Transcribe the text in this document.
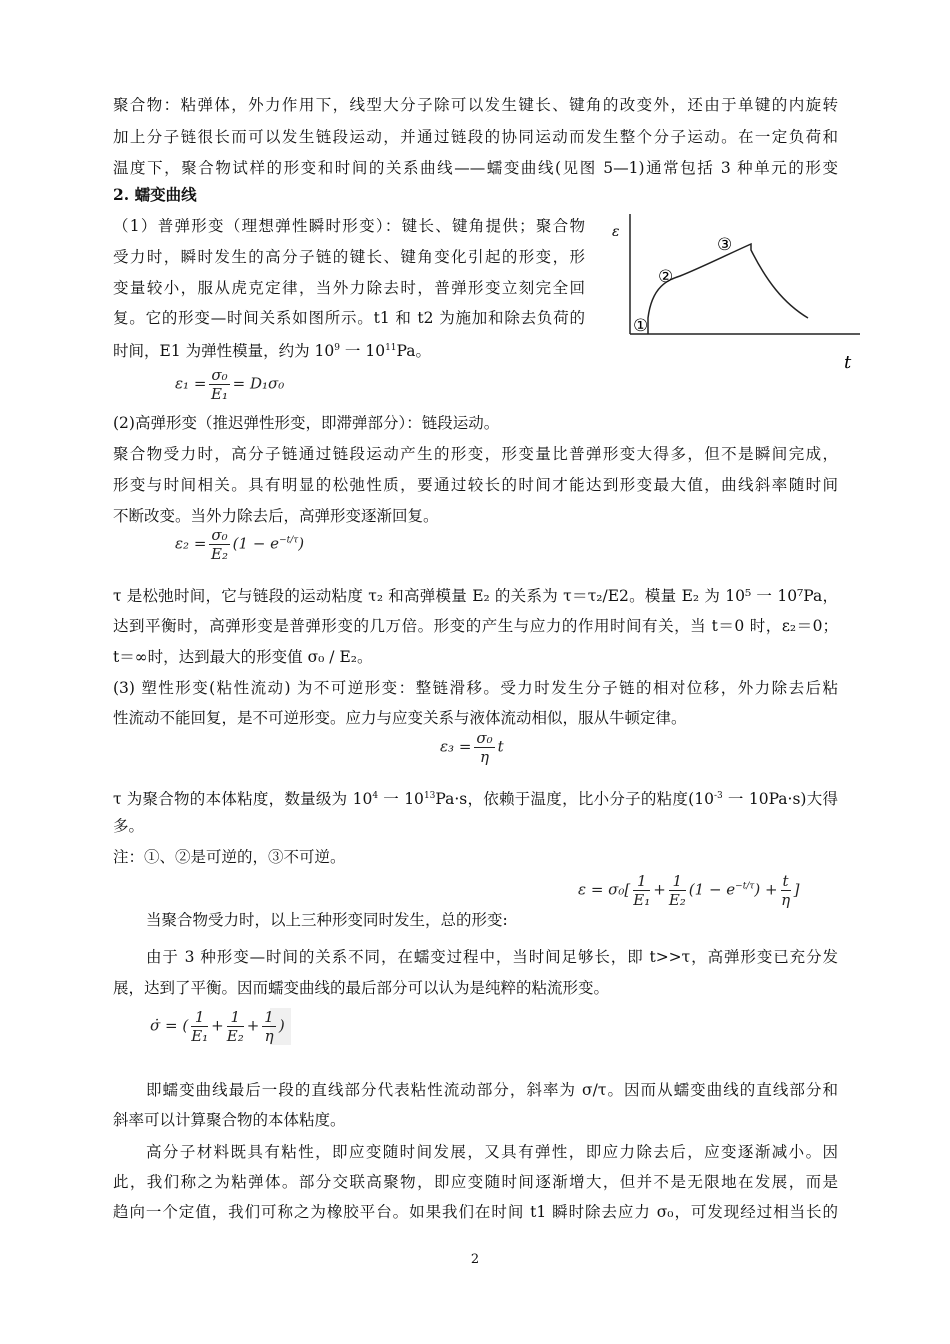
聚合物：粘弹体，外力作用下，线型大分子除可以发生键长、键角的改变外，还由于单键的内旋转
加上分子链很长而可以发生链段运动，并通过链段的协同运动而发生整个分子运动。在一定负荷和
温度下，聚合物试样的形变和时间的关系曲线——蠕变曲线(见图 5—1)通常包括 3 种单元的形变
2. 蠕变曲线
（1）普弹形变（理想弹性瞬时形变）：键长、键角提供；聚合物
受力时，瞬时发生的高分子链的键长、键角变化引起的形变，形
变量较小，服从虎克定律，当外力除去时，普弹形变立刻完全回
复。它的形变—时间关系如图所示。t1 和 t2 为施加和除去负荷的
时间，E1 为弹性模量，约为 $10^9$ 一 $10^{11}Pa$。
ε
①
②
③
t
$\varepsilon_1 = \frac{\text{σ₀}}{\text{E₁}} = D_1\sigma_0$
(2)高弹形变（推迟弹性形变，即滞弹部分）：链段运动。
聚合物受力时，高分子链通过链段运动产生的形变，形变量比普弹形变大得多，但不是瞬间完成，
形变与时间相关。具有明显的松弛性质，要通过较长的时间才能达到形变最大值，曲线斜率随时间
不断改变。当外力除去后，高弹形变逐渐回复。
$\varepsilon_2 = \frac{\text{σ₀}}{\text{E₂}} (1 - e^{-t/\tau})$
τ 是松弛时间，它与链段的运动粘度 τ₂ 和高弹模量 E₂ 的关系为 τ＝τ₂/E2。模量 E₂ 为 10⁵ 一 10⁷Pa，
达到平衡时，高弹形变是普弹形变的几万倍。形变的产生与应力的作用时间有关，当 t＝0 时，ε₂＝0；
t＝∞时，达到最大的形变值 σ₀ / E₂。
(3) 塑性形变(粘性流动) 为不可逆形变：整链滑移。受力时发生分子链的相对位移，外力除去后粘
性流动不能回复，是不可逆形变。应力与应变关系与液体流动相似，服从牛顿定律。
$\varepsilon_3 = \frac{\text{σ₀}}{\eta}$ t
τ 为聚合物的本体粘度，数量级为 $10^4$ 一 $10^{13}Pa\cdot s$，依赖于温度，比小分子的粘度($10^{-3}$ 一 10Pa·s)大得
多。
注：①、②是可逆的，③不可逆。
$\varepsilon = \sigma_0[ \frac{1}{\text{E₁}} + \frac{1}{\text{E₂}} (1 - e^{-t/\tau}) + \frac{t}{\eta}$ ]
当聚合物受力时，以上三种形变同时发生，总的形变:
由于 3 种形变—时间的关系不同，在蠕变过程中，当时间足够长，即 t>>τ，高弹形变已充分发
展，达到了平衡。因而蠕变曲线的最后部分可以认为是纯粹的粘流形变。
σ̇ = ( $\frac{1}{\text{E₁}} + \frac{1}{\text{E₂}} + \frac{1}{\eta}$ )
即蠕变曲线最后一段的直线部分代表粘性流动部分，斜率为 σ/τ。因而从蠕变曲线的直线部分和
斜率可以计算聚合物的本体粘度。
高分子材料既具有粘性，即应变随时间发展，又具有弹性，即应力除去后，应变逐渐减小。因
此，我们称之为粘弹体。部分交联高聚物，即应变随时间逐渐增大，但并不是无限地在发展，而是
趋向一个定值，我们可称之为橡胶平台。如果我们在时间 t1 瞬时除去应力 σ₀，可发现经过相当长的
2
